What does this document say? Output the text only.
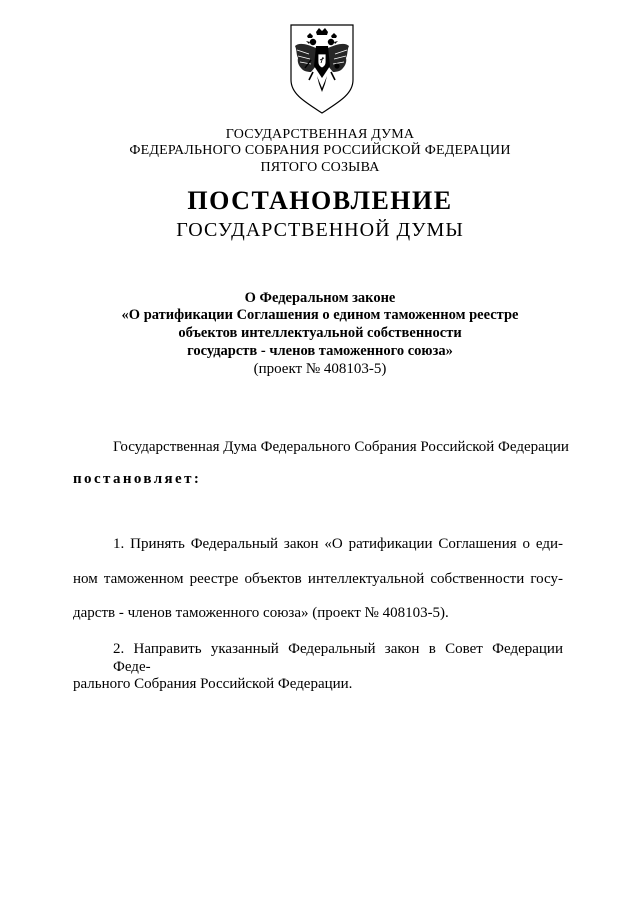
ГОСУДАРСТВЕННАЯ ДУМА
ФЕДЕРАЛЬНОГО СОБРАНИЯ РОССИЙСКОЙ ФЕДЕРАЦИИ
ПЯТОГО СОЗЫВА
ПОСТАНОВЛЕНИЕ
ГОСУДАРСТВЕННОЙ ДУМЫ
О Федеральном законе
«О ратификации Соглашения о едином таможенном реестре
объектов интеллектуальной собственности
государств - членов таможенного союза»
(проект № 408103-5)
Государственная Дума Федерального Собрания Российской Федерации
постановляет:
1. Принять Федеральный закон «О ратификации Соглашения о еди-
ном таможенном реестре объектов интеллектуальной собственности госу-
дарств - членов таможенного союза» (проект № 408103-5).
2. Направить указанный Федеральный закон в Совет Федерации Феде-
рального Собрания Российской Федерации.
